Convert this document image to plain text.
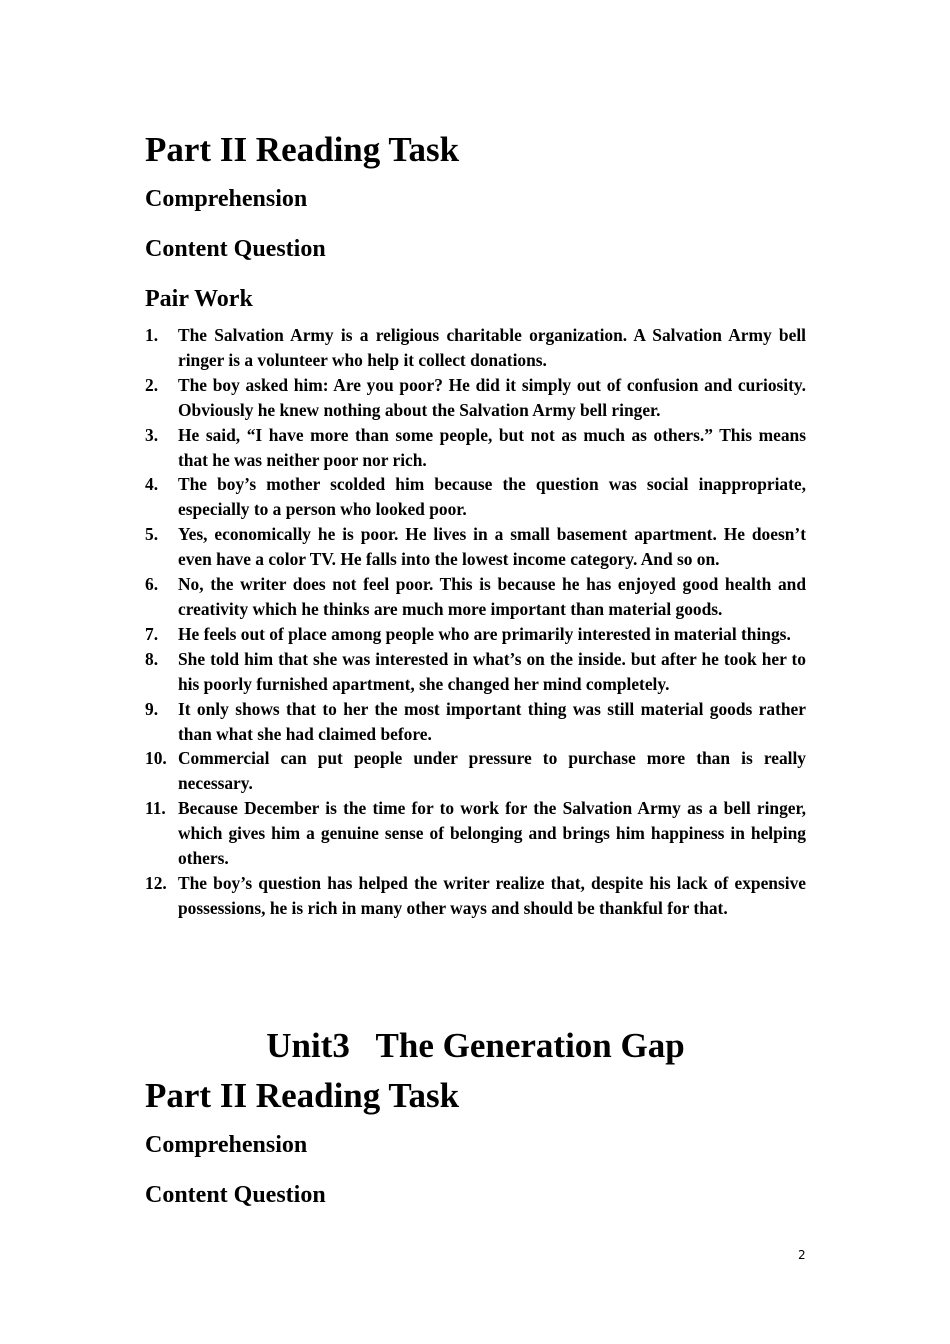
Part II Reading Task
Comprehension
Content Question
Pair Work
1. The Salvation Army is a religious charitable organization. A Salvation Army bell ringer is a volunteer who help it collect donations.
2. The boy asked him: Are you poor? He did it simply out of confusion and curiosity. Obviously he knew nothing about the Salvation Army bell ringer.
3. He said, “I have more than some people, but not as much as others.” This means that he was neither poor nor rich.
4. The boy’s mother scolded him because the question was social inappropriate, especially to a person who looked poor.
5. Yes, economically he is poor. He lives in a small basement apartment. He doesn’t even have a color TV. He falls into the lowest income category. And so on.
6. No, the writer does not feel poor. This is because he has enjoyed good health and creativity which he thinks are much more important than material goods.
7. He feels out of place among people who are primarily interested in material things.
8. She told him that she was interested in what’s on the inside. but after he took her to his poorly furnished apartment, she changed her mind completely.
9. It only shows that to her the most important thing was still material goods rather than what she had claimed before.
10. Commercial can put people under pressure to purchase more than is really necessary.
11. Because December is the time for to work for the Salvation Army as a bell ringer, which gives him a genuine sense of belonging and brings him happiness in helping others.
12. The boy’s question has helped the writer realize that, despite his lack of expensive possessions, he is rich in many other ways and should be thankful for that.
Unit3   The Generation Gap
Part II Reading Task
Comprehension
Content Question
2
